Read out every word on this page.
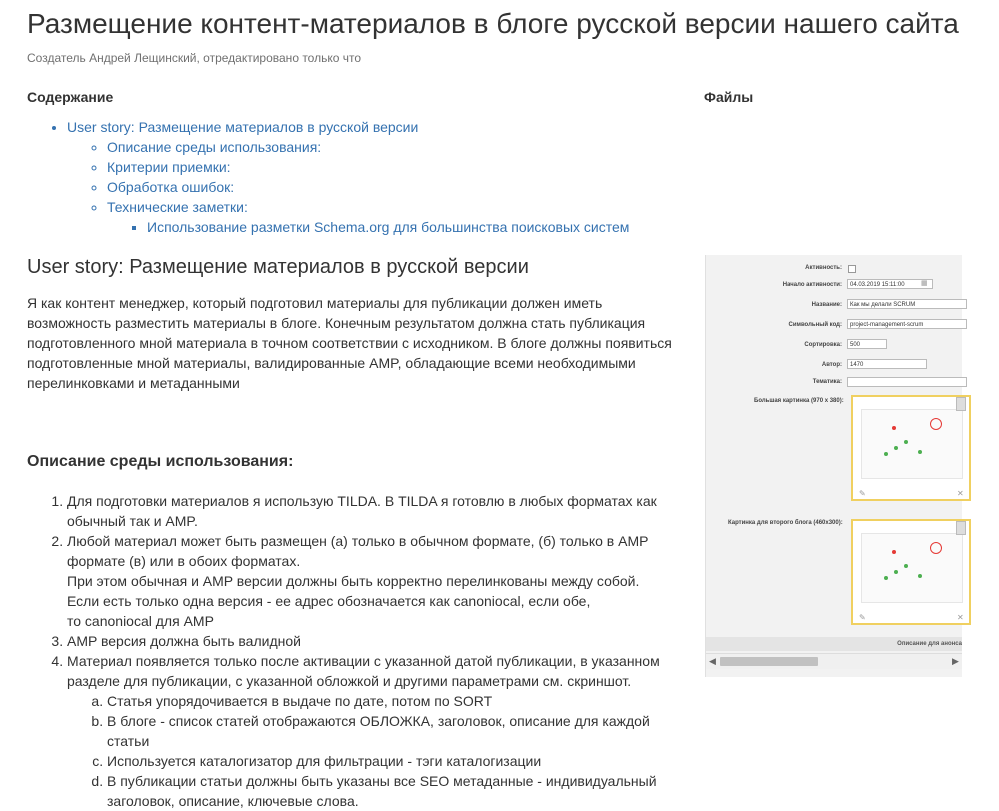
Размещение контент-материалов в блоге русской версии нашего сайта
Создатель Андрей Лещинский, отредактировано только что
Содержание
• User story: Размещение материалов в русской версии
◦ Описание среды использования:
◦ Критерии приемки:
◦ Обработка ошибок:
◦ Технические заметки:
▪ Использование разметки Schema.org для большинства поисковых систем
User story: Размещение материалов в русской версии

Я как контент менеджер, который подготовил материалы для публикации должен иметь
возможность разместить материалы в блоге. Конечным результатом должна стать публикация
подготовленного мной материала в точном соответствии с исходником. В блоге должны появиться
подготовленные мной материалы, валидированные AMP, обладающие всеми необходимыми
перелинковками и метаданными

Описание среды использования:
1. Для подготовки материалов я использую TILDA. В TILDA я готовлю в любых форматах как
обычный так и AMP.
2. Любой материал может быть размещен (а) только в обычном формате, (б) только в AMP
формате (в) или в обоих форматах.
При этом обычная и AMP версии должны быть корректно перелинкованы между собой.
Если есть только одна версия - ее адрес обозначается как canoniocal, если обе,
то canoniocal для AMP
3. AMP версия должна быть валидной
4. Материал появляется только после активации с указанной датой публикации, в указанном
разделе для публикации, с указанной обложкой и другими параметрами см. скриншот.
a. Статья упорядочивается в выдаче по дате, потом по SORT
b. В блоге - список статей отображаются ОБЛОЖКА, заголовок, описание для каждой
статьи
c. Используется каталогизатор для фильтрации - тэги каталогизации
d. В публикации статьи должны быть указаны все SEO метаданные - индивидуальный
заголовок, описание, ключевые слова.
Файлы
Активность:
Начало активности:	04.03.2019 15:11:00	▦
Название:	Как мы делали SCRUM
Символьный код:	project-management-scrum
Сортировка:	500
Автор:	1470
Тематика:
Большая картинка (970 x 380):
✎	✕
Картинка для второго блога (460x300):
✎	✕
Описание для анонса
◀	▶
